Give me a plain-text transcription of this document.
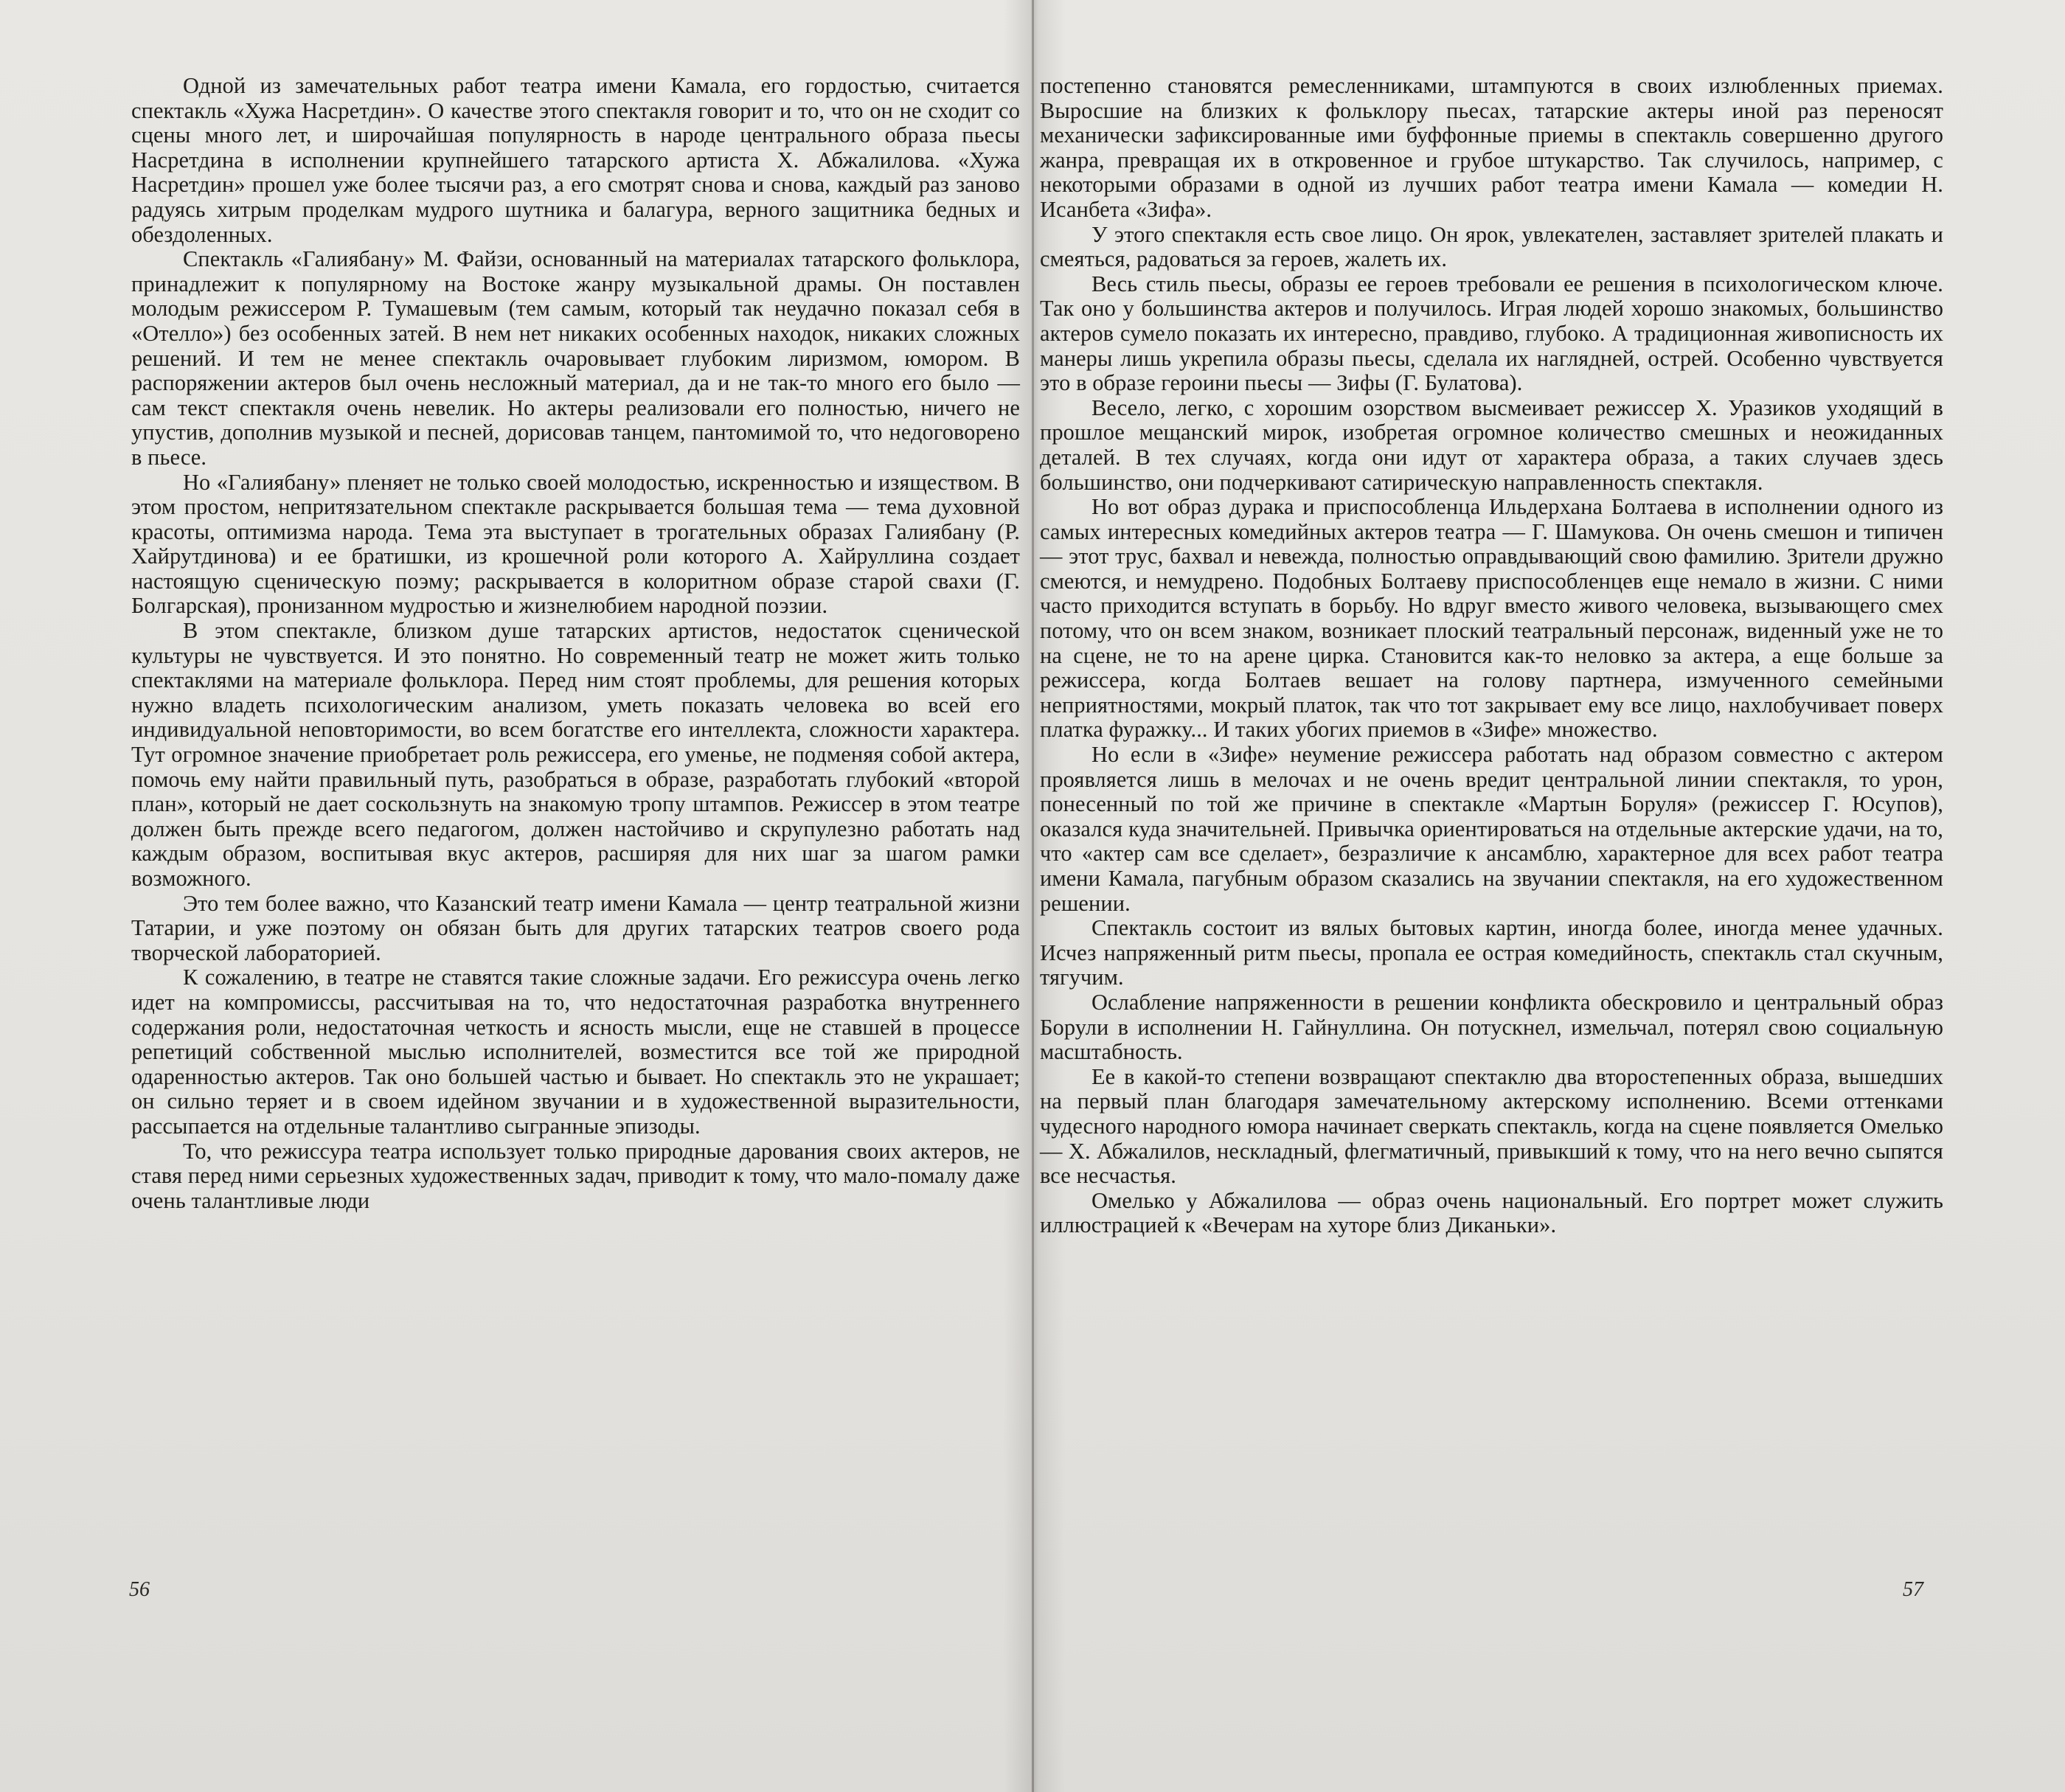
Одной из замечательных работ театра имени Камала, его гордостью, считается спектакль «Хужа Насретдин». О качестве этого спектакля говорит и то, что он не сходит со сцены много лет, и широчайшая популярность в народе центрального образа пьесы Насретдина в исполнении крупнейшего татарского артиста Х. Абжалилова. «Хужа Насретдин» прошел уже более тысячи раз, а его смотрят снова и снова, каждый раз заново радуясь хитрым проделкам мудрого шутника и балагура, верного защитника бедных и обездоленных.

Спектакль «Галиябану» М. Файзи, основанный на материалах татарского фольклора, принадлежит к популярному на Востоке жанру музыкальной драмы. Он поставлен молодым режиссером Р. Тумашевым (тем самым, который так неудачно показал себя в «Отелло») без особенных затей. В нем нет никаких особенных находок, никаких сложных решений. И тем не менее спектакль очаровывает глубоким лиризмом, юмором. В распоряжении актеров был очень несложный материал, да и не так-то много его было — сам текст спектакля очень невелик. Но актеры реализовали его полностью, ничего не упустив, дополнив музыкой и песней, дорисовав танцем, пантомимой то, что недоговорено в пьесе.

Но «Галиябану» пленяет не только своей молодостью, искренностью и изяществом. В этом простом, непритязательном спектакле раскрывается большая тема — тема духовной красоты, оптимизма народа. Тема эта выступает в трогательных образах Галиябану (Р. Хайрутдинова) и ее братишки, из крошечной роли которого А. Хайруллина создает настоящую сценическую поэму; раскрывается в колоритном образе старой свахи (Г. Болгарская), пронизанном мудростью и жизнелюбием народной поэзии.

В этом спектакле, близком душе татарских артистов, недостаток сценической культуры не чувствуется. И это понятно. Но современный театр не может жить только спектаклями на материале фольклора. Перед ним стоят проблемы, для решения которых нужно владеть психологическим анализом, уметь показать человека во всей его индивидуальной неповторимости, во всем богатстве его интеллекта, сложности характера. Тут огромное значение приобретает роль режиссера, его уменье, не подменяя собой актера, помочь ему найти правильный путь, разобраться в образе, разработать глубокий «второй план», который не дает соскользнуть на знакомую тропу штампов. Режиссер в этом театре должен быть прежде всего педагогом, должен настойчиво и скрупулезно работать над каждым образом, воспитывая вкус актеров, расширяя для них шаг за шагом рамки возможного.

Это тем более важно, что Казанский театр имени Камала — центр театральной жизни Татарии, и уже поэтому он обязан быть для других татарских театров своего рода творческой лабораторией.

К сожалению, в театре не ставятся такие сложные задачи. Его режиссура очень легко идет на компромиссы, рассчитывая на то, что недостаточная разработка внутреннего содержания роли, недостаточная четкость и ясность мысли, еще не ставшей в процессе репетиций собственной мыслью исполнителей, возместится все той же природной одаренностью актеров. Так оно большей частью и бывает. Но спектакль это не украшает; он сильно теряет и в своем идейном звучании и в художественной выразительности, рассыпается на отдельные талантливо сыгранные эпизоды.

То, что режиссура театра использует только природные дарования своих актеров, не ставя перед ними серьезных художественных задач, приводит к тому, что мало-помалу даже очень талантливые люди

постепенно становятся ремесленниками, штампуются в своих излюбленных приемах. Выросшие на близких к фольклору пьесах, татарские актеры иной раз переносят механически зафиксированные ими буффонные приемы в спектакль совершенно другого жанра, превращая их в откровенное и грубое штукарство. Так случилось, например, с некоторыми образами в одной из лучших работ театра имени Камала — комедии Н. Исанбета «Зифа».

У этого спектакля есть свое лицо. Он ярок, увлекателен, заставляет зрителей плакать и смеяться, радоваться за героев, жалеть их.

Весь стиль пьесы, образы ее героев требовали ее решения в психологическом ключе. Так оно у большинства актеров и получилось. Играя людей хорошо знакомых, большинство актеров сумело показать их интересно, правдиво, глубоко. А традиционная живописность их манеры лишь укрепила образы пьесы, сделала их наглядней, острей. Особенно чувствуется это в образе героини пьесы — Зифы (Г. Булатова).

Весело, легко, с хорошим озорством высмеивает режиссер Х. Уразиков уходящий в прошлое мещанский мирок, изобретая огромное количество смешных и неожиданных деталей. В тех случаях, когда они идут от характера образа, а таких случаев здесь большинство, они подчеркивают сатирическую направленность спектакля.

Но вот образ дурака и приспособленца Ильдерхана Болтаева в исполнении одного из самых интересных комедийных актеров театра — Г. Шамукова. Он очень смешон и типичен — этот трус, бахвал и невежда, полностью оправдывающий свою фамилию. Зрители дружно смеются, и немудрено. Подобных Болтаеву приспособленцев еще немало в жизни. С ними часто приходится вступать в борьбу. Но вдруг вместо живого человека, вызывающего смех потому, что он всем знаком, возникает плоский театральный персонаж, виденный уже не то на сцене, не то на арене цирка. Становится как-то неловко за актера, а еще больше за режиссера, когда Болтаев вешает на голову партнера, измученного семейными неприятностями, мокрый платок, так что тот закрывает ему все лицо, нахлобучивает поверх платка фуражку... И таких убогих приемов в «Зифе» множество.

Но если в «Зифе» неумение режиссера работать над образом совместно с актером проявляется лишь в мелочах и не очень вредит центральной линии спектакля, то урон, понесенный по той же причине в спектакле «Мартын Боруля» (режиссер Г. Юсупов), оказался куда значительней. Привычка ориентироваться на отдельные актерские удачи, на то, что «актер сам все сделает», безразличие к ансамблю, характерное для всех работ театра имени Камала, пагубным образом сказались на звучании спектакля, на его художественном решении.

Спектакль состоит из вялых бытовых картин, иногда более, иногда менее удачных. Исчез напряженный ритм пьесы, пропала ее острая комедийность, спектакль стал скучным, тягучим.

Ослабление напряженности в решении конфликта обескровило и центральный образ Борули в исполнении Н. Гайнуллина. Он потускнел, измельчал, потерял свою социальную масштабность.

Ее в какой-то степени возвращают спектаклю два второстепенных образа, вышедших на первый план благодаря замечательному актерскому исполнению. Всеми оттенками чудесного народного юмора начинает сверкать спектакль, когда на сцене появляется Омелько — Х. Абжалилов, нескладный, флегматичный, привыкший к тому, что на него вечно сыпятся все несчастья.

Омелько у Абжалилова — образ очень национальный. Его портрет может служить иллюстрацией к «Вечерам на хуторе близ Диканьки».

56	57
